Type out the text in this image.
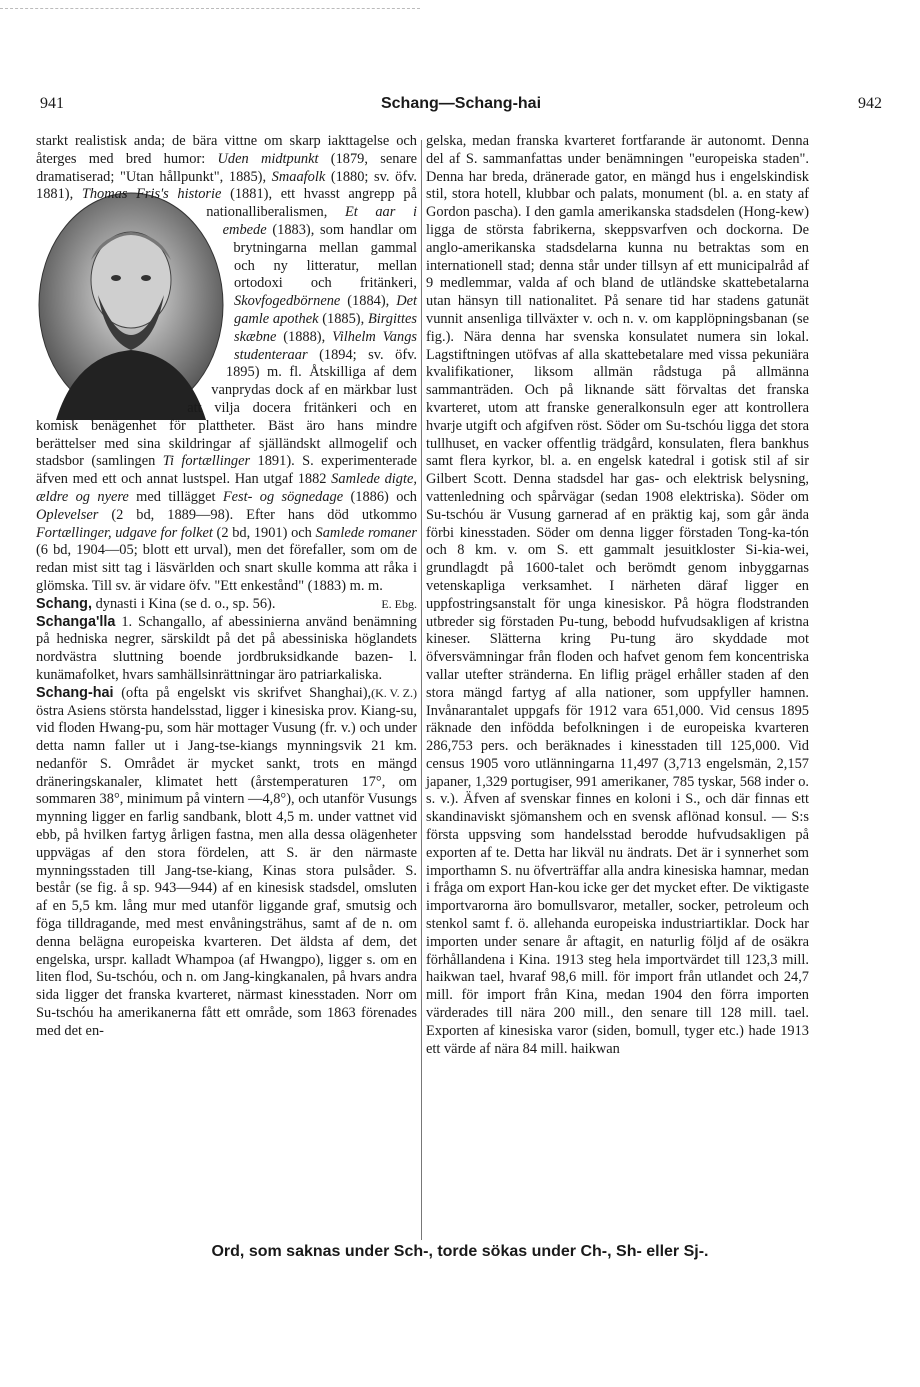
941	Schang—Schang-hai	942

starkt realistisk anda; de bära vittne om skarp iakttagelse och återges med bred humor: Uden midtpunkt (1879, senare dramatiserad; "Utan hållpunkt", 1885), Smaafolk (1880; sv. öfv. 1881),
Thomas Fris's historie (1881), ett hvasst angrepp på nationalliberalismen, Et aar i embede (1883), som handlar om brytningarna mellan gammal och ny litteratur, mellan ortodoxi och fritänkeri, Skovfogedbörnene (1884), Det gamle apothek (1885), Birgittes skæbne (1888), Vilhelm Vangs studenteraar (1894; sv. öfv. 1895) m. fl. Åtskilliga af dem vanprydas dock af en märkbar lust att vilja docera fritänkeri och en komisk benägenhet för plattheter. Bäst äro hans mindre berättelser med sina skildringar af själländskt allmogelif och stadsbor (samlingen Ti fortællinger 1891). S. experimenterade äfven med ett och annat lustspel. Han utgaf 1882 Samlede digte, ældre og nyere med tillägget Fest- og sögnedage (1886) och Oplevelser (2 bd, 1889—98). Efter hans död utkommo Fortællinger, udgave for folket (2 bd, 1901) och Samlede romaner (6 bd, 1904—05; blott ett urval), men det förefaller, som om de redan mist sitt tag i läsvärlden och snart skulle komma att råka i glömska. Till sv. är vidare öfv. "Ett enkestånd" (1883) m. m.
E. Ebg.

Schang, dynasti i Kina (se d. o., sp. 56).

Schanga'lla 1. Schangallo, af abessinierna använd benämning på hedniska negrer, särskildt på det på abessiniska höglandets nordvästra sluttning boende jordbruksidkande bazen- l. kunämafolket, hvars samhällsinrättningar äro patriarkaliska.
(K. V. Z.)

Schang-hai (ofta på engelskt vis skrifvet Shanghai), östra Asiens största handelsstad, ligger i kinesiska prov. Kiang-su, vid floden Hwang-pu, som här mottager Vusung (fr. v.) och under detta namn faller ut i Jang-tse-kiangs mynningsvik 21 km. nedanför S. Området är mycket sankt, trots en mängd dräneringskanaler, klimatet hett (årstemperaturen 17°, om sommaren 38°, minimum på vintern —4,8°), och utanför Vusungs mynning ligger en farlig sandbank, blott 4,5 m. under vattnet vid ebb, på hvilken fartyg årligen fastna, men alla dessa olägenheter uppvägas af den stora fördelen, att S. är den närmaste mynningsstaden till Jang-tse-kiang, Kinas stora pulsåder. S. består (se fig. å sp. 943—944) af en kinesisk stadsdel, omsluten af en 5,5 km. lång mur med utanför liggande graf, smutsig och föga tilldragande, med mest envåningsträhus, samt af de n. om denna belägna europeiska kvarteren. Det äldsta af dem, det engelska, urspr. kalladt Whampoa (af Hwangpo), ligger s. om en liten flod, Su-tschóu, och n. om Jang-kingkanalen, på hvars andra sida ligger det franska kvarteret, närmast kinesstaden. Norr om Su-tschóu ha amerikanerna fått ett område, som 1863 förenades med det en-

gelska, medan franska kvarteret fortfarande är autonomt. Denna del af S. sammanfattas under benämningen "europeiska staden". Denna har breda, dränerade gator, en mängd hus i engelskindisk stil, stora hotell, klubbar och palats, monument (bl. a. en staty af Gordon pascha). I den gamla amerikanska stadsdelen (Hong-kew) ligga de största fabrikerna, skeppsvarfven och dockorna. De anglo-amerikanska stadsdelarna kunna nu betraktas som en internationell stad; denna står under tillsyn af ett municipalråd af 9 medlemmar, valda af och bland de utländske skattebetalarna utan hänsyn till nationalitet. På senare tid har stadens gatunät vunnit ansenliga tillväxter v. och n. v. om kapplöpningsbanan (se fig.). Nära denna har svenska konsulatet numera sin lokal. Lagstiftningen utöfvas af alla skattebetalare med vissa pekuniära kvalifikationer, liksom allmän rådstuga på allmänna sammanträden. Och på liknande sätt förvaltas det franska kvarteret, utom att franske generalkonsuln eger att kontrollera hvarje utgift och afgifven röst. Söder om Su-tschóu ligga det stora tullhuset, en vacker offentlig trädgård, konsulaten, flera bankhus samt flera kyrkor, bl. a. en engelsk katedral i gotisk stil af sir Gilbert Scott. Denna stadsdel har gas- och elektrisk belysning, vattenledning och spårvägar (sedan 1908 elektriska). Söder om Su-tschóu är Vusung garnerad af en präktig kaj, som går ända förbi kinesstaden. Söder om denna ligger förstaden Tong-ka-tón och 8 km. v. om S. ett gammalt jesuitkloster Si-kia-wei, grundlagdt på 1600-talet och berömdt genom inbyggarnas vetenskapliga verksamhet. I närheten däraf ligger en uppfostringsanstalt för unga kinesiskor. På högra flodstranden utbreder sig förstaden Pu-tung, bebodd hufvudsakligen af kristna kineser. Slätterna kring Pu-tung äro skyddade mot öfversvämningar från floden och hafvet genom fem koncentriska vallar utefter stränderna. En liflig prägel erhåller staden af den stora mängd fartyg af alla nationer, som uppfyller hamnen. Invånarantalet uppgafs för 1912 vara 651,000. Vid census 1895 räknade den infödda befolkningen i de europeiska kvarteren 286,753 pers. och beräknades i kinesstaden till 125,000. Vid census 1905 voro utlänningarna 11,497 (3,713 engelsmän, 2,157 japaner, 1,329 portugiser, 991 amerikaner, 785 tyskar, 568 inder o. s. v.). Äfven af svenskar finnes en koloni i S., och där finnas ett skandinaviskt sjömanshem och en svensk aflönad konsul. — S:s första uppsving som handelsstad berodde hufvudsakligen på exporten af te. Detta har likväl nu ändrats. Det är i synnerhet som importhamn S. nu öfverträffar alla andra kinesiska hamnar, medan i fråga om export Han-kou icke ger det mycket efter. De viktigaste importvarorna äro bomullsvaror, metaller, socker, petroleum och stenkol samt f. ö. allehanda europeiska industriartiklar. Dock har importen under senare år aftagit, en naturlig följd af de osäkra förhållandena i Kina. 1913 steg hela importvärdet till 123,3 mill. haikwan tael, hvaraf 98,6 mill. för import från utlandet och 24,7 mill. för import från Kina, medan 1904 den förra importen värderades till nära 200 mill., den senare till 128 mill. tael. Exporten af kinesiska varor (siden, bomull, tyger etc.) hade 1913 ett värde af nära 84 mill. haikwan

Ord, som saknas under Sch-, torde sökas under Ch-, Sh- eller Sj-.
